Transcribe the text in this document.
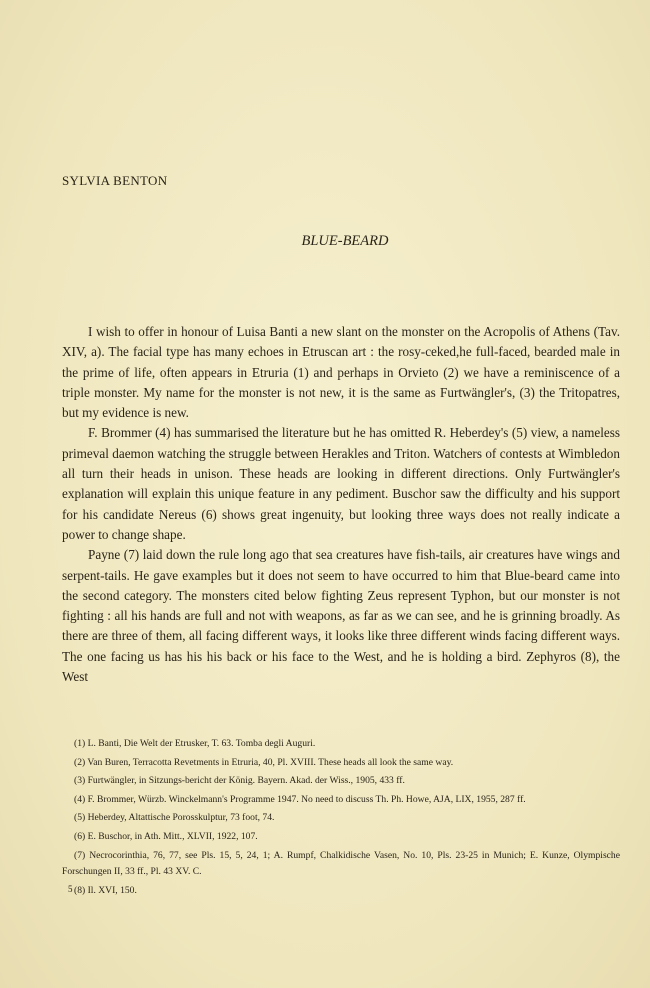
SYLVIA BENTON
BLUE-BEARD

I wish to offer in honour of Luisa Banti a new slant on the monster on the Acropolis of Athens (Tav. XIV, a). The facial type has many echoes in Etruscan art : the rosy-ceked,he full-faced, bearded male in the prime of life, often appears in Etruria (1) and perhaps in Orvieto (2) we have a reminiscence of a triple monster. My name for the monster is not new, it is the same as Furtwängler's, (3) the Tritopatres, but my evidence is new.

F. Brommer (4) has summarised the literature but he has omitted R. Heberdey's (5) view, a nameless primeval daemon watching the struggle between Herakles and Triton. Watchers of contests at Wimbledon all turn their heads in unison. These heads are looking in different directions. Only Furtwängler's explanation will explain this unique feature in any pediment. Buschor saw the difficulty and his support for his candidate Nereus (6) shows great ingenuity, but looking three ways does not really indicate a power to change shape.

Payne (7) laid down the rule long ago that sea creatures have fish-tails, air creatures have wings and serpent-tails. He gave examples but it does not seem to have occurred to him that Blue-beard came into the second category. The monsters cited below fighting Zeus represent Typhon, but our monster is not fighting : all his hands are full and not with weapons, as far as we can see, and he is grinning broadly. As there are three of them, all facing different ways, it looks like three different winds facing different ways. The one facing us has his his back or his face to the West, and he is holding a bird. Zephyros (8), the West

(1) L. Banti, Die Welt der Etrusker, T. 63. Tomba degli Auguri.

(2) Van Buren, Terracotta Revetments in Etruria, 40, Pl. XVIII. These heads all look the same way.

(3) Furtwängler, in Sitzungs-bericht der König. Bayern. Akad. der Wiss., 1905, 433 ff.

(4) F. Brommer, Würzb. Winckelmann's Programme 1947. No need to discuss Th. Ph. Howe, AJA, LIX, 1955, 287 ff.

(5) Heberdey, Altattische Porosskulptur, 73 foot, 74.

(6) E. Buschor, in Ath. Mitt., XLVII, 1922, 107.

(7) Necrocorinthia, 76, 77, see Pls. 15, 5, 24, 1; A. Rumpf, Chalkidische Vasen, No. 10, Pls. 23-25 in Munich; E. Kunze, Olympische Forschungen II, 33 ff., Pl. 43 XV. C.

(8) Il. XVI, 150.

5
